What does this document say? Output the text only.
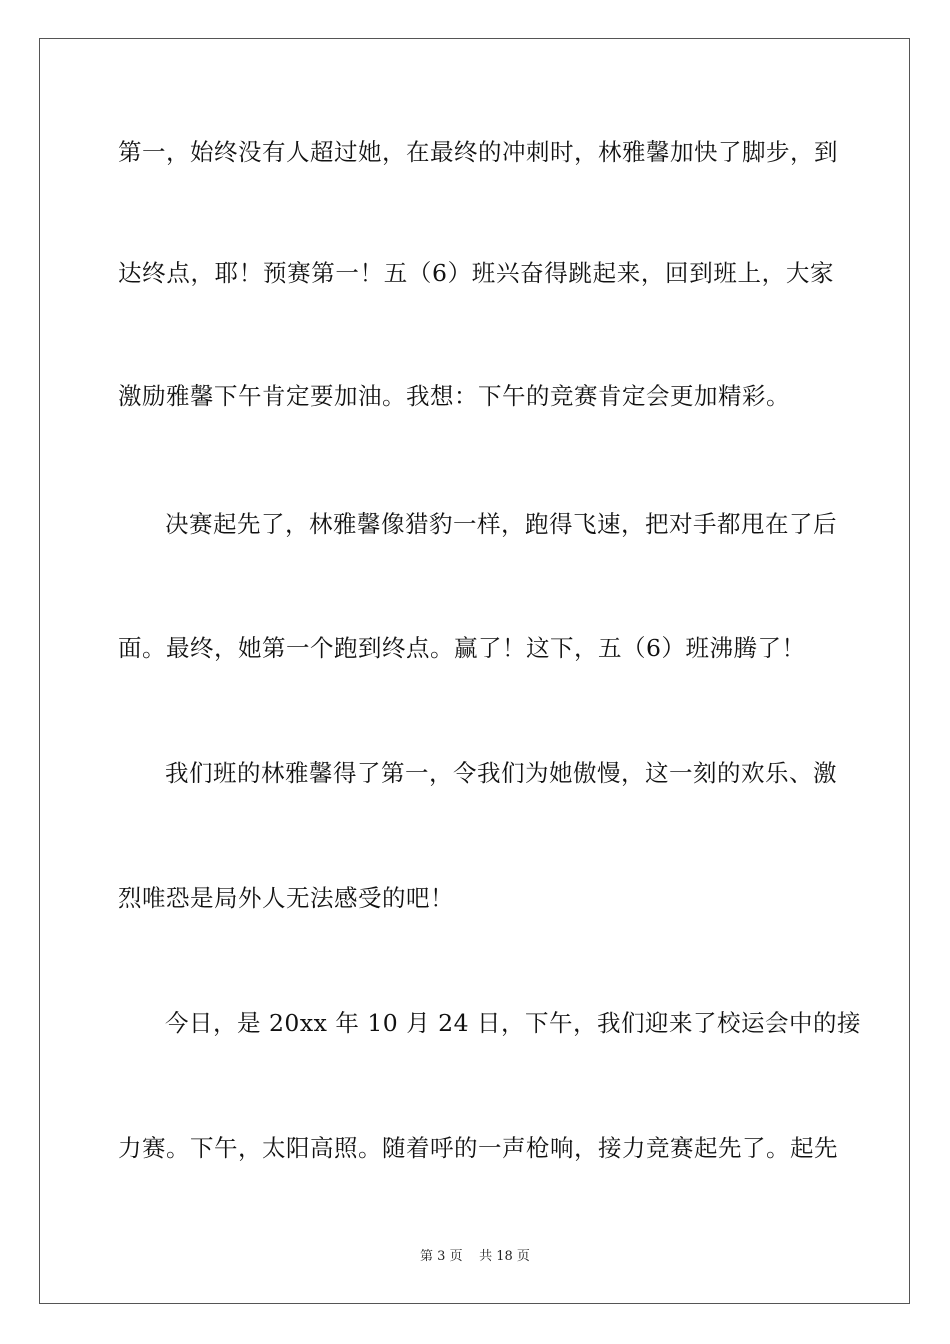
第一，始终没有人超过她，在最终的冲刺时，林雅馨加快了脚步，到
达终点，耶！预赛第一！五（6）班兴奋得跳起来，回到班上，大家
激励雅馨下午肯定要加油。我想：下午的竞赛肯定会更加精彩。
决赛起先了，林雅馨像猎豹一样，跑得飞速，把对手都甩在了后
面。最终，她第一个跑到终点。赢了！这下，五（6）班沸腾了！
我们班的林雅馨得了第一，令我们为她傲慢，这一刻的欢乐、激
烈唯恐是局外人无法感受的吧！
今日，是 20xx 年 10 月 24 日，下午，我们迎来了校运会中的接
力赛。下午，太阳高照。随着呼的一声枪响，接力竞赛起先了。起先
第 3 页 共 18 页
